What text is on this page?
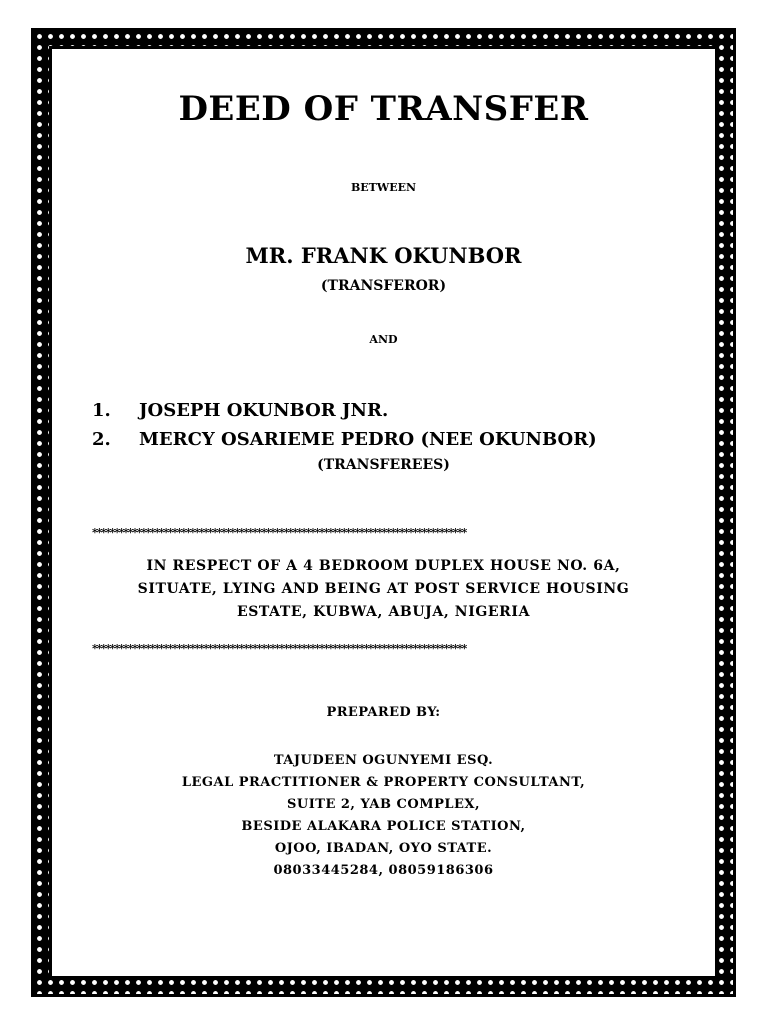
DEED OF TRANSFER
BETWEEN
MR. FRANK OKUNBOR
(TRANSFEROR)
AND
1. JOSEPH OKUNBOR JNR.
2. MERCY OSARIEME PEDRO (NEE OKUNBOR)
(TRANSFEREES)
************************************************************************************
IN RESPECT OF A 4 BEDROOM DUPLEX HOUSE NO. 6A,
SITUATE, LYING AND BEING AT POST SERVICE HOUSING
ESTATE, KUBWA, ABUJA, NIGERIA
************************************************************************************
PREPARED BY:
TAJUDEEN OGUNYEMI ESQ.
LEGAL PRACTITIONER & PROPERTY CONSULTANT,
SUITE 2, YAB COMPLEX,
BESIDE ALAKARA POLICE STATION,
OJOO, IBADAN, OYO STATE.
08033445284, 08059186306
